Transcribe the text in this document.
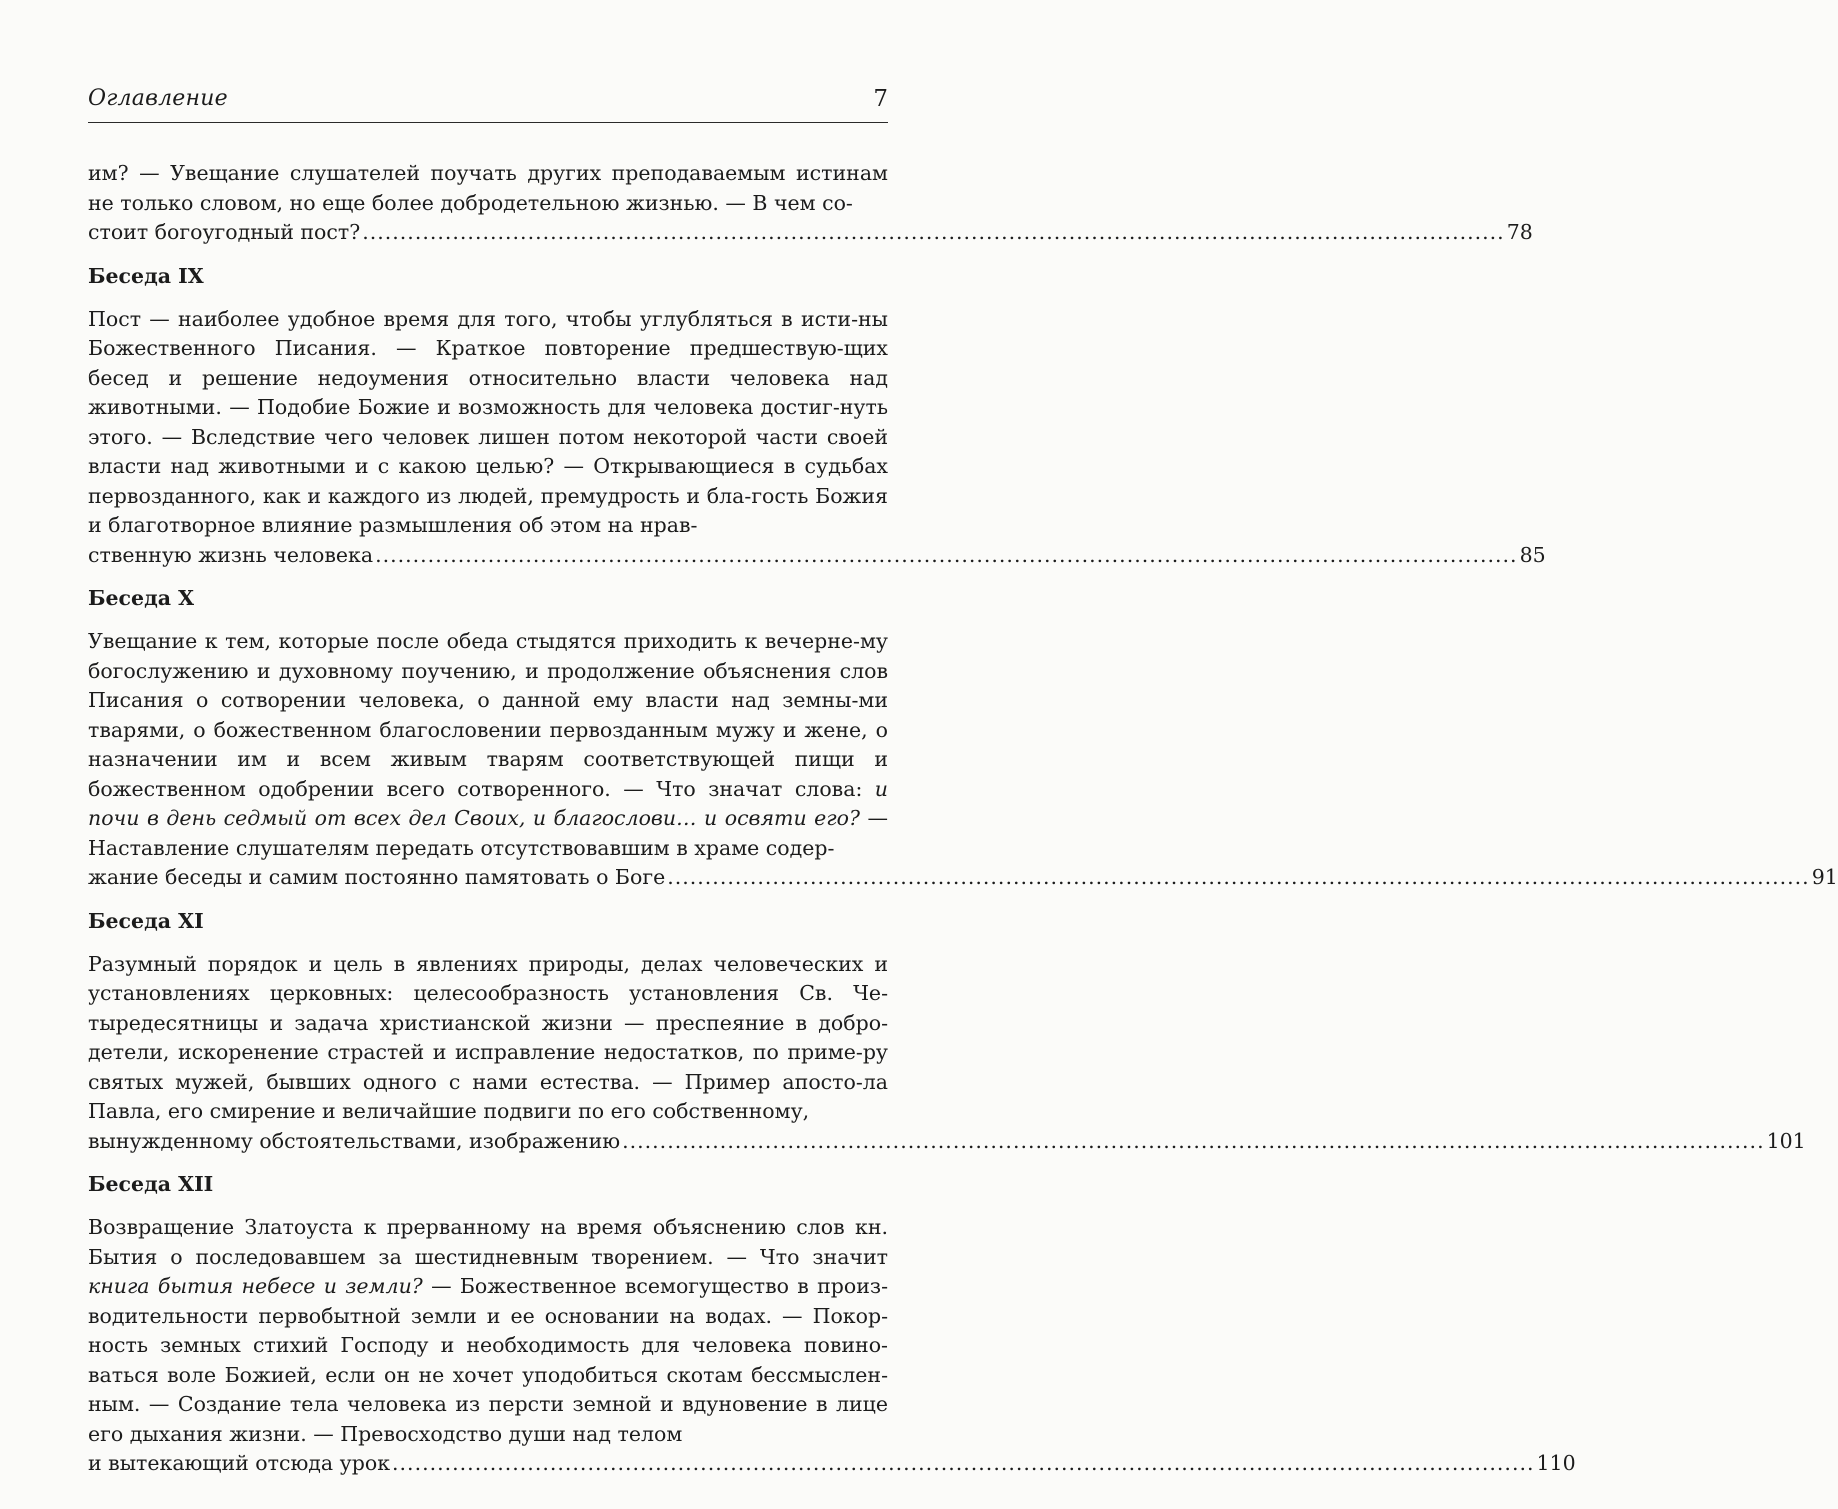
Оглавление	7

им? — Увещание слушателей поучать других преподаваемым истинам не только словом, но еще более добродетельною жизнью. — В чем со-

стоит богоугодный пост? ........................................................................................................................................................ 78
Беседа IX

Пост — наиболее удобное время для того, чтобы углубляться в исти-ны Божественного Писания. — Краткое повторение предшествую-щих бесед и решение недоумения относительно власти человека над животными. — Подобие Божие и возможность для человека достиг-нуть этого. — Вследствие чего человек лишен потом некоторой части своей власти над животными и с какою целью? — Открывающиеся в судьбах первозданного, как и каждого из людей, премудрость и бла-гость Божия и благотворное влияние размышления об этом на нрав-

ственную жизнь человека ........................................................................................................................................................ 85
Беседа X

Увещание к тем, которые после обеда стыдятся приходить к вечерне-му богослужению и духовному поучению, и продолжение объяснения слов Писания о сотворении человека, о данной ему власти над земны-ми тварями, о божественном благословении первозданным мужу и жене, о назначении им и всем живым тварям соответствующей пищи и божественном одобрении всего сотворенного. — Что значат слова: и почи в день седмый от всех дел Своих, и благослови… и освяти его? — Наставление слушателям передать отсутствовавшим в храме содер-

жание беседы и самим постоянно памятовать о Боге ........................................................................................................................................................ 91
Беседа XI

Разумный порядок и цель в явлениях природы, делах человеческих и установлениях церковных: целесообразность установления Св. Че-тыредесятницы и задача христианской жизни — преспеяние в добро-детели, искоренение страстей и исправление недостатков, по приме-ру святых мужей, бывших одного с нами естества. — Пример апосто-ла Павла, его смирение и величайшие подвиги по его собственному,

вынужденному обстоятельствами, изображению ........................................................................................................................................................ 101
Беседа XII

Возвращение Златоуста к прерванному на время объяснению слов кн. Бытия о последовавшем за шестидневным творением. — Что значит книга бытия небесе и земли? — Божественное всемогущество в произ-водительности первобытной земли и ее основании на водах. — Покор-ность земных стихий Господу и необходимость для человека повино-ваться воле Божией, если он не хочет уподобиться скотам бессмыслен-ным. — Создание тела человека из персти земной и вдуновение в лице его дыхания жизни. — Превосходство души над телом

и вытекающий отсюда урок ........................................................................................................................................................ 110
